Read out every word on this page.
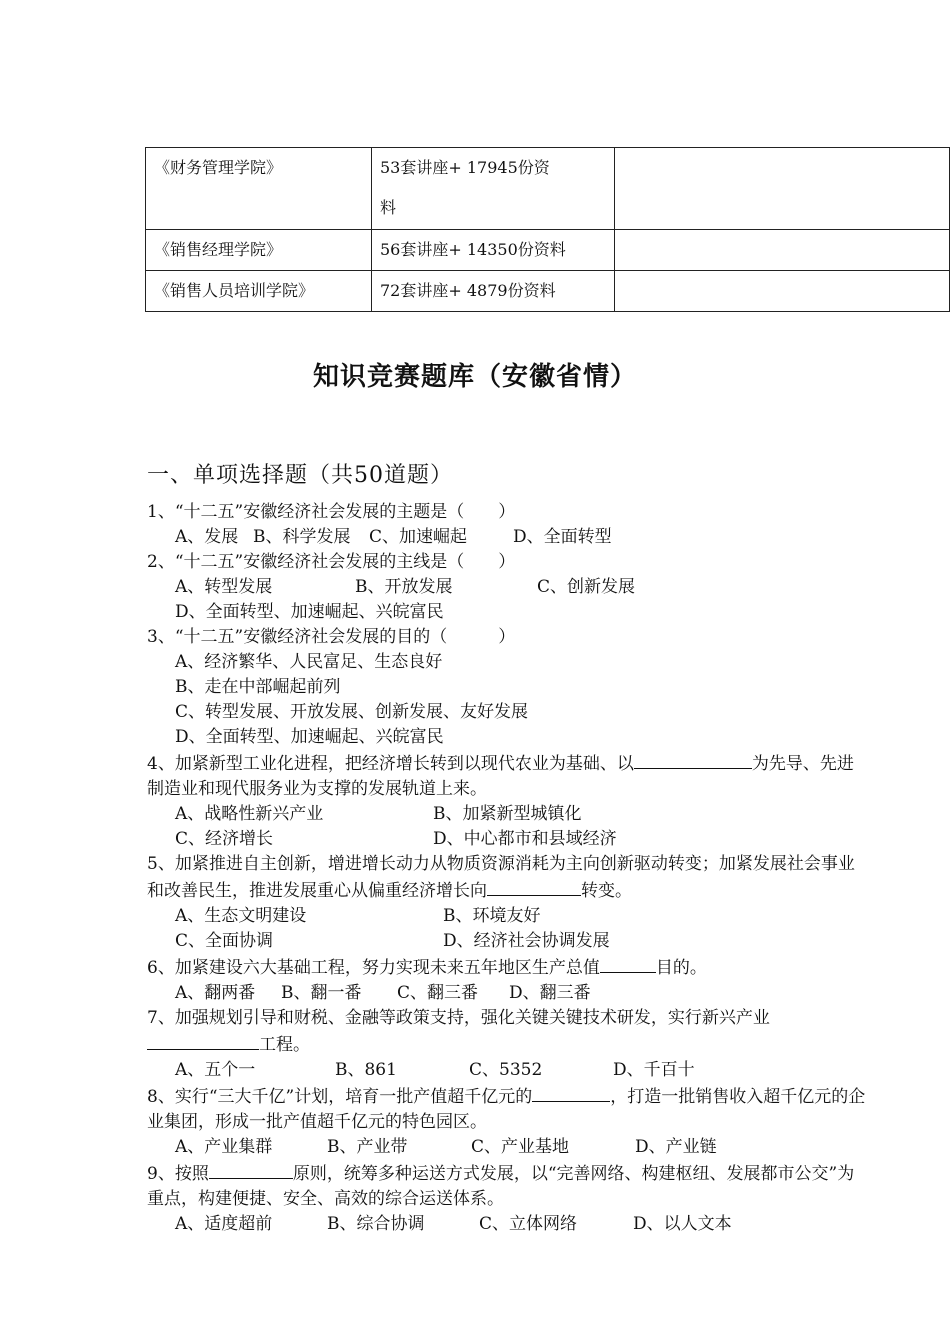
《财务管理学院》	53套讲座+ 17945份资
料	

《销售经理学院》	56套讲座+ 14350份资料	
《销售人员培训学院》	72套讲座+ 4879份资料	
知识竞赛题库（安徽省情）
一、单项选择题（共50道题）
1、“十二五”安徽经济社会发展的主题是（　　）
A、发展 B、科学发展 C、加速崛起	D、全面转型
2、“十二五”安徽经济社会发展的主线是（　　）
A、转型发展	B、开放发展	C、创新发展
D、全面转型、加速崛起、兴皖富民
3、“十二五”安徽经济社会发展的目的（　　　）
A、经济繁华、人民富足、生态良好
B、走在中部崛起前列
C、转型发展、开放发展、创新发展、友好发展
D、全面转型、加速崛起、兴皖富民
4、加紧新型工业化进程，把经济增长转到以现代农业为基础、以	为先导、先进制造业和现代服务业为支撑的发展轨道上来。
A、战略性新兴产业	B、加紧新型城镇化
C、经济增长	D、中心都市和县域经济
5、加紧推进自主创新，增进增长动力从物质资源消耗为主向创新驱动转变；加紧发展社会事业和改善民生，推进发展重心从偏重经济增长向	转变。
A、生态文明建设	B、环境友好
C、全面协调	D、经济社会协调发展
6、加紧建设六大基础工程，努力实现未来五年地区生产总值	目的。
A、翻两番 B、翻一番 C、翻三番 D、翻三番
7、加强规划引导和财税、金融等政策支持，强化关键关键技术研发，实行新兴产业工程。
A、五个一	B、861	C、5352	D、千百十
8、实行“三大千亿”计划，培育一批产值超千亿元的	，打造一批销售收入超千亿元的企业集团，形成一批产值超千亿元的特色园区。
A、产业集群	B、产业带	C、产业基地	D、产业链
9、按照	原则，统筹多种运送方式发展，以“完善网络、构建枢纽、发展都市公交”为重点，构建便捷、安全、高效的综合运送体系。
A、适度超前	B、综合协调	C、立体网络	D、以人文本
